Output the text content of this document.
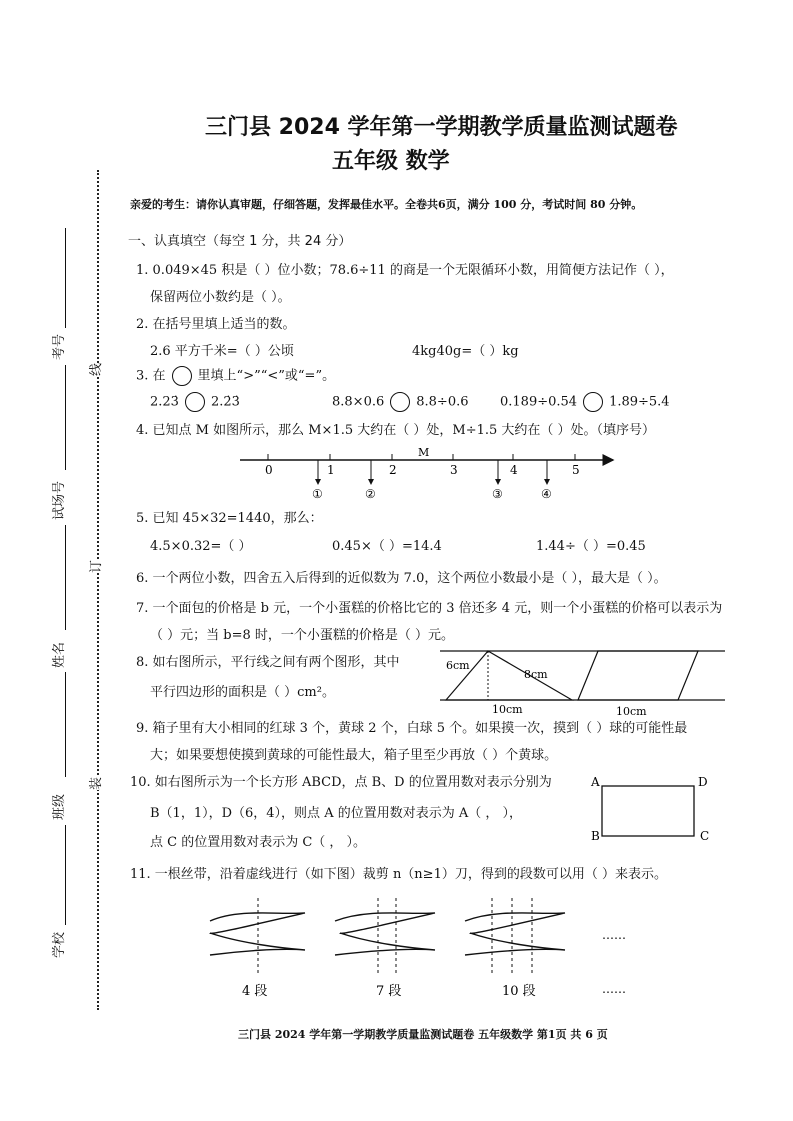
考号
试场号
姓名
班级
学校
线
订
装
三门县 2024 学年第一学期教学质量监测试题卷
五年级 数学
亲爱的考生：请你认真审题，仔细答题，发挥最佳水平。全卷共6页，满分 100 分，考试时间 80 分钟。
一、认真填空（每空 1 分，共 24 分）
1. 0.049×45 积是（ ）位小数；78.6÷11 的商是一个无限循环小数，用简便方法记作（ ），
保留两位小数约是（ ）。
2. 在括号里填上适当的数。
2.6 平方千米=（ ）公顷	4kg40g=（ ）kg
3. 在 里填上“>”“<”或“=”。
2.23̇ 2.2̇3̇	8.8×0.6 8.8÷0.6 0.189÷0.54 1.89÷5.4
4. 已知点 M 如图所示，那么 M×1.5 大约在（ ）处，M÷1.5 大约在（ ）处。（填序号）
0	1	2	3	4	5
M
①	②	③	④
5. 已知 45×32=1440，那么：
4.5×0.32=（ ）	0.45×（ ）=14.4	1.44÷（ ）=0.45
6. 一个两位小数，四舍五入后得到的近似数为 7.0，这个两位小数最小是（ ），最大是（ ）。
7. 一个面包的价格是 b 元，一个小蛋糕的价格比它的 3 倍还多 4 元，则一个小蛋糕的价格可以表示为
（ ）元；当 b=8 时，一个小蛋糕的价格是（ ）元。
8. 如右图所示，平行线之间有两个图形，其中
平行四边形的面积是（ ）cm²。
6cm
8cm
10cm	10cm
9. 箱子里有大小相同的红球 3 个，黄球 2 个，白球 5 个。如果摸一次，摸到（ ）球的可能性最
大；如果要想使摸到黄球的可能性最大，箱子里至少再放（ ）个黄球。
10. 如右图所示为一个长方形 ABCD，点 B、D 的位置用数对表示分别为
B（1，1），D（6，4），则点 A 的位置用数对表示为 A（ ， ），
点 C 的位置用数对表示为 C（ ， ）。
A	D
B	C
11. 一根丝带，沿着虚线进行（如下图）裁剪 n（n≥1）刀，得到的段数可以用（ ）来表示。
……
4 段	7 段	10 段	……
三门县 2024 学年第一学期教学质量监测试题卷 五年级数学 第1页 共 6 页
